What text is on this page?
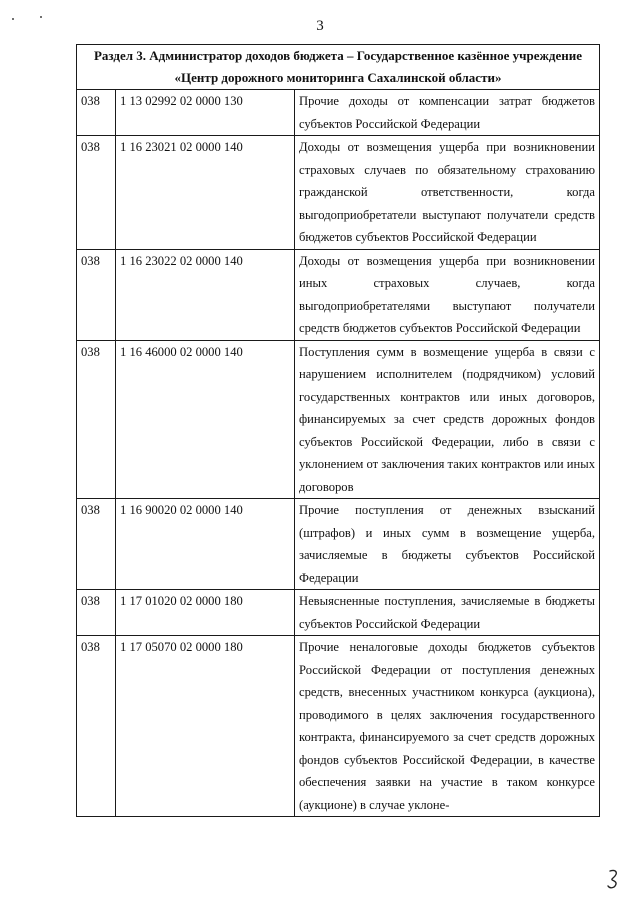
3
Раздел 3. Администратор доходов бюджета – Государственное казённое учреждение
«Центр дорожного мониторинга Сахалинской области»		

038	1 13 02992 02 0000 130	Прочие доходы от компенсации затрат бюджетов субъектов Российской Федерации
038	1 16 23021 02 0000 140	Доходы от возмещения ущерба при возникновении страховых случаев по обязательному страхованию гражданской ответственности, когда выгодоприобретатели выступают получатели средств бюджетов субъектов Российской Федерации
038	1 16 23022 02 0000 140	Доходы от возмещения ущерба при возникновении иных страховых случаев, когда выгодоприобретателями выступают получатели средств бюджетов субъектов Российской Федерации
038	1 16 46000 02 0000 140	Поступления сумм в возмещение ущерба в связи с нарушением исполнителем (подрядчиком) условий государственных контрактов или иных договоров, финансируемых за счет средств дорожных фондов субъектов Российской Федерации, либо в связи с уклонением от заключения таких контрактов или иных договоров
038	1 16 90020 02 0000 140	Прочие поступления от денежных взысканий (штрафов) и иных сумм в возмещение ущерба, зачисляемые в бюджеты субъектов Российской Федерации
038	1 17 01020 02 0000 180	Невыясненные поступления, зачисляемые в бюджеты субъектов Российской Федерации
038	1 17 05070 02 0000 180	Прочие неналоговые доходы бюджетов субъектов Российской Федерации от поступления денежных средств, внесенных участником конкурса (аукциона), проводимого в целях заключения государственного контракта, финансируемого за счет средств дорожных фондов субъектов Российской Федерации, в качестве обеспечения заявки на участие в таком конкурсе (аукционе) в случае уклоне-
